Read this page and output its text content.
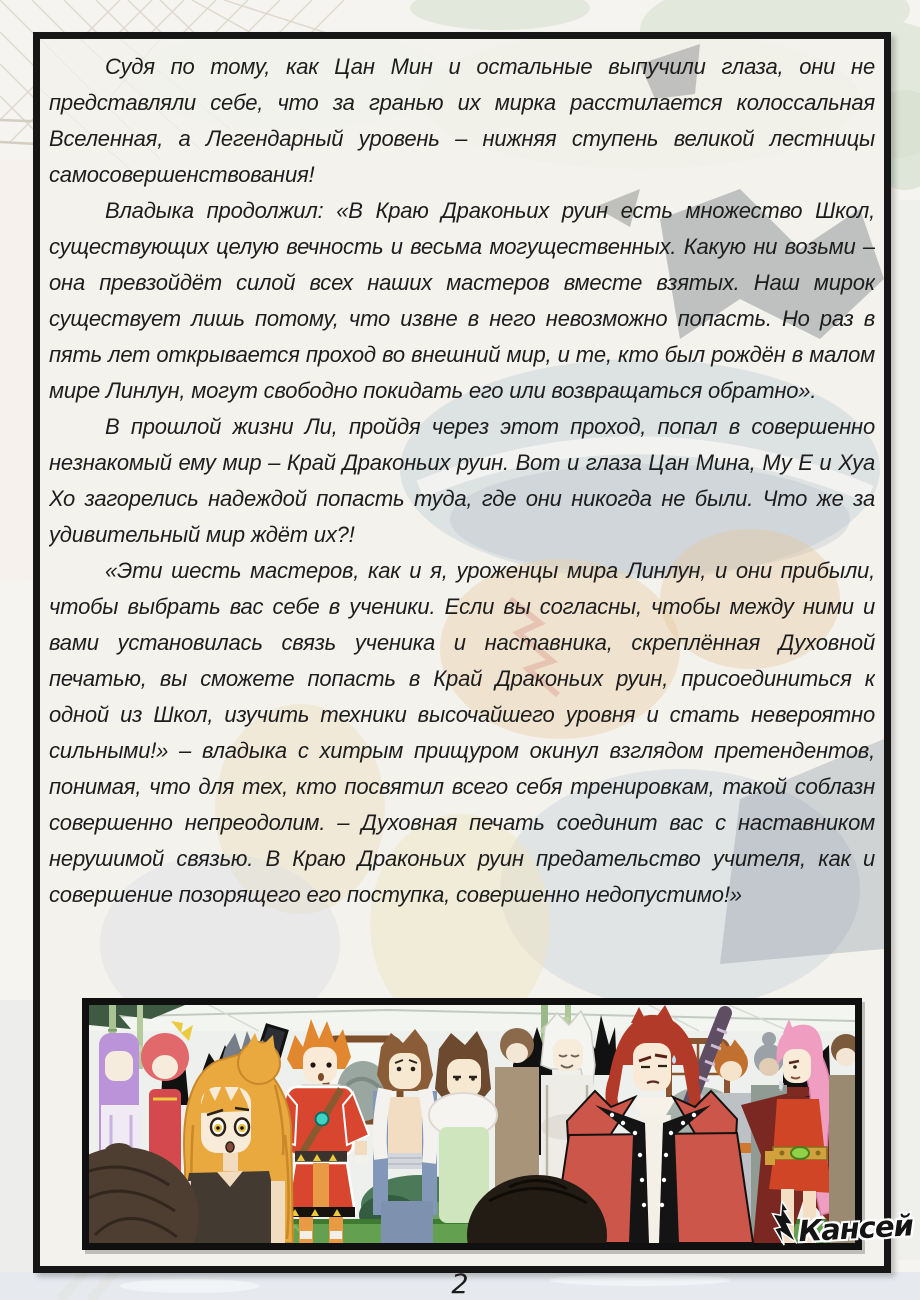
Судя по тому, как Цан Мин и остальные выпучили глаза, они не представляли себе, что за гранью их мирка расстилается колоссальная Вселенная, а Легендарный уровень – нижняя ступень великой лестницы самосовершенствования!

Владыка продолжил: «В Краю Драконьих руин есть множество Школ, существующих целую вечность и весьма могущественных. Какую ни возьми – она превзойдёт силой всех наших мастеров вместе взятых. Наш мирок существует лишь потому, что извне в него невозможно попасть. Но раз в пять лет открывается проход во внешний мир, и те, кто был рождён в малом мире Линлун, могут свободно покидать его или возвращаться обратно».

В прошлой жизни Ли, пройдя через этот проход, попал в совершенно незнакомый ему мир – Край Драконьих руин. Вот и глаза Цан Мина, Му Е и Хуа Хо загорелись надеждой попасть туда, где они никогда не были. Что же за удивительный мир ждёт их?!

«Эти шесть мастеров, как и я, уроженцы мира Линлун, и они прибыли, чтобы выбрать вас себе в ученики. Если вы согласны, чтобы между ними и вами установилась связь ученика и наставника, скреплённая Духовной печатью, вы сможете попасть в Край Драконьих руин, присоединиться к одной из Школ, изучить техники высочайшего уровня и стать невероятно сильными!» – владыка с хитрым прищуром окинул взглядом претендентов, понимая, что для тех, кто посвятил всего себя тренировкам, такой соблазн совершенно непреодолим. – Духовная печать соединит вас с наставником нерушимой связью. В Краю Драконьих руин предательство учителя, как и совершение позорящего его поступка, совершенно недопустимо!»

Кансей
2
